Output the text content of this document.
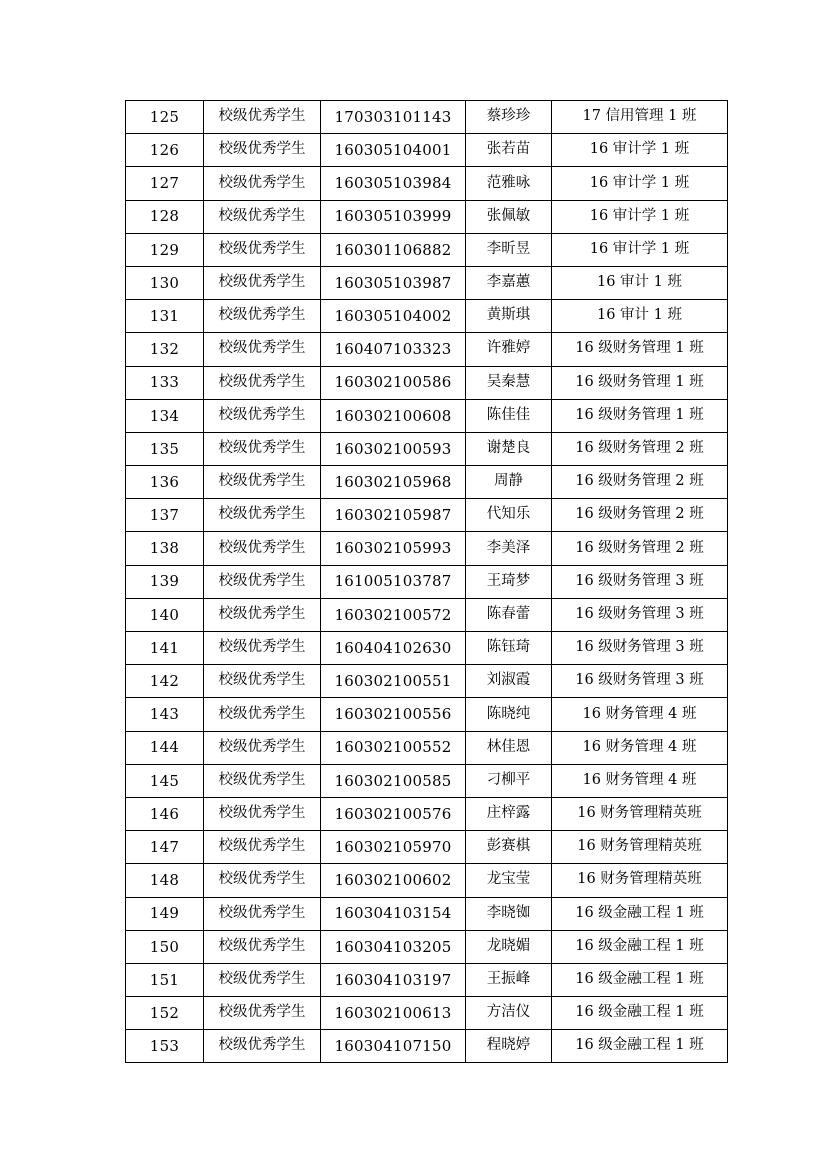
125	校级优秀学生	170303101143	蔡珍珍	17 信用管理 1 班
126	校级优秀学生	160305104001	张若苗	16 审计学 1 班
127	校级优秀学生	160305103984	范雅咏	16 审计学 1 班
128	校级优秀学生	160305103999	张佩敏	16 审计学 1 班
129	校级优秀学生	160301106882	李昕昱	16 审计学 1 班
130	校级优秀学生	160305103987	李嘉蕙	16 审计 1 班
131	校级优秀学生	160305104002	黄斯琪	16 审计 1 班
132	校级优秀学生	160407103323	许雅婷	16 级财务管理 1 班
133	校级优秀学生	160302100586	吴秦慧	16 级财务管理 1 班
134	校级优秀学生	160302100608	陈佳佳	16 级财务管理 1 班
135	校级优秀学生	160302100593	谢楚良	16 级财务管理 2 班
136	校级优秀学生	160302105968	周静	16 级财务管理 2 班
137	校级优秀学生	160302105987	代知乐	16 级财务管理 2 班
138	校级优秀学生	160302105993	李美泽	16 级财务管理 2 班
139	校级优秀学生	161005103787	王琦梦	16 级财务管理 3 班
140	校级优秀学生	160302100572	陈春蕾	16 级财务管理 3 班
141	校级优秀学生	160404102630	陈钰琦	16 级财务管理 3 班
142	校级优秀学生	160302100551	刘淑霞	16 级财务管理 3 班
143	校级优秀学生	160302100556	陈晓纯	16 财务管理 4 班
144	校级优秀学生	160302100552	林佳恩	16 财务管理 4 班
145	校级优秀学生	160302100585	刁柳平	16 财务管理 4 班
146	校级优秀学生	160302100576	庄梓露	16 财务管理精英班
147	校级优秀学生	160302105970	彭赛棋	16 财务管理精英班
148	校级优秀学生	160302100602	龙宝莹	16 财务管理精英班
149	校级优秀学生	160304103154	李晓铷	16 级金融工程 1 班
150	校级优秀学生	160304103205	龙晓媚	16 级金融工程 1 班
151	校级优秀学生	160304103197	王振峰	16 级金融工程 1 班
152	校级优秀学生	160302100613	方洁仪	16 级金融工程 1 班
153	校级优秀学生	160304107150	程晓婷	16 级金融工程 1 班
